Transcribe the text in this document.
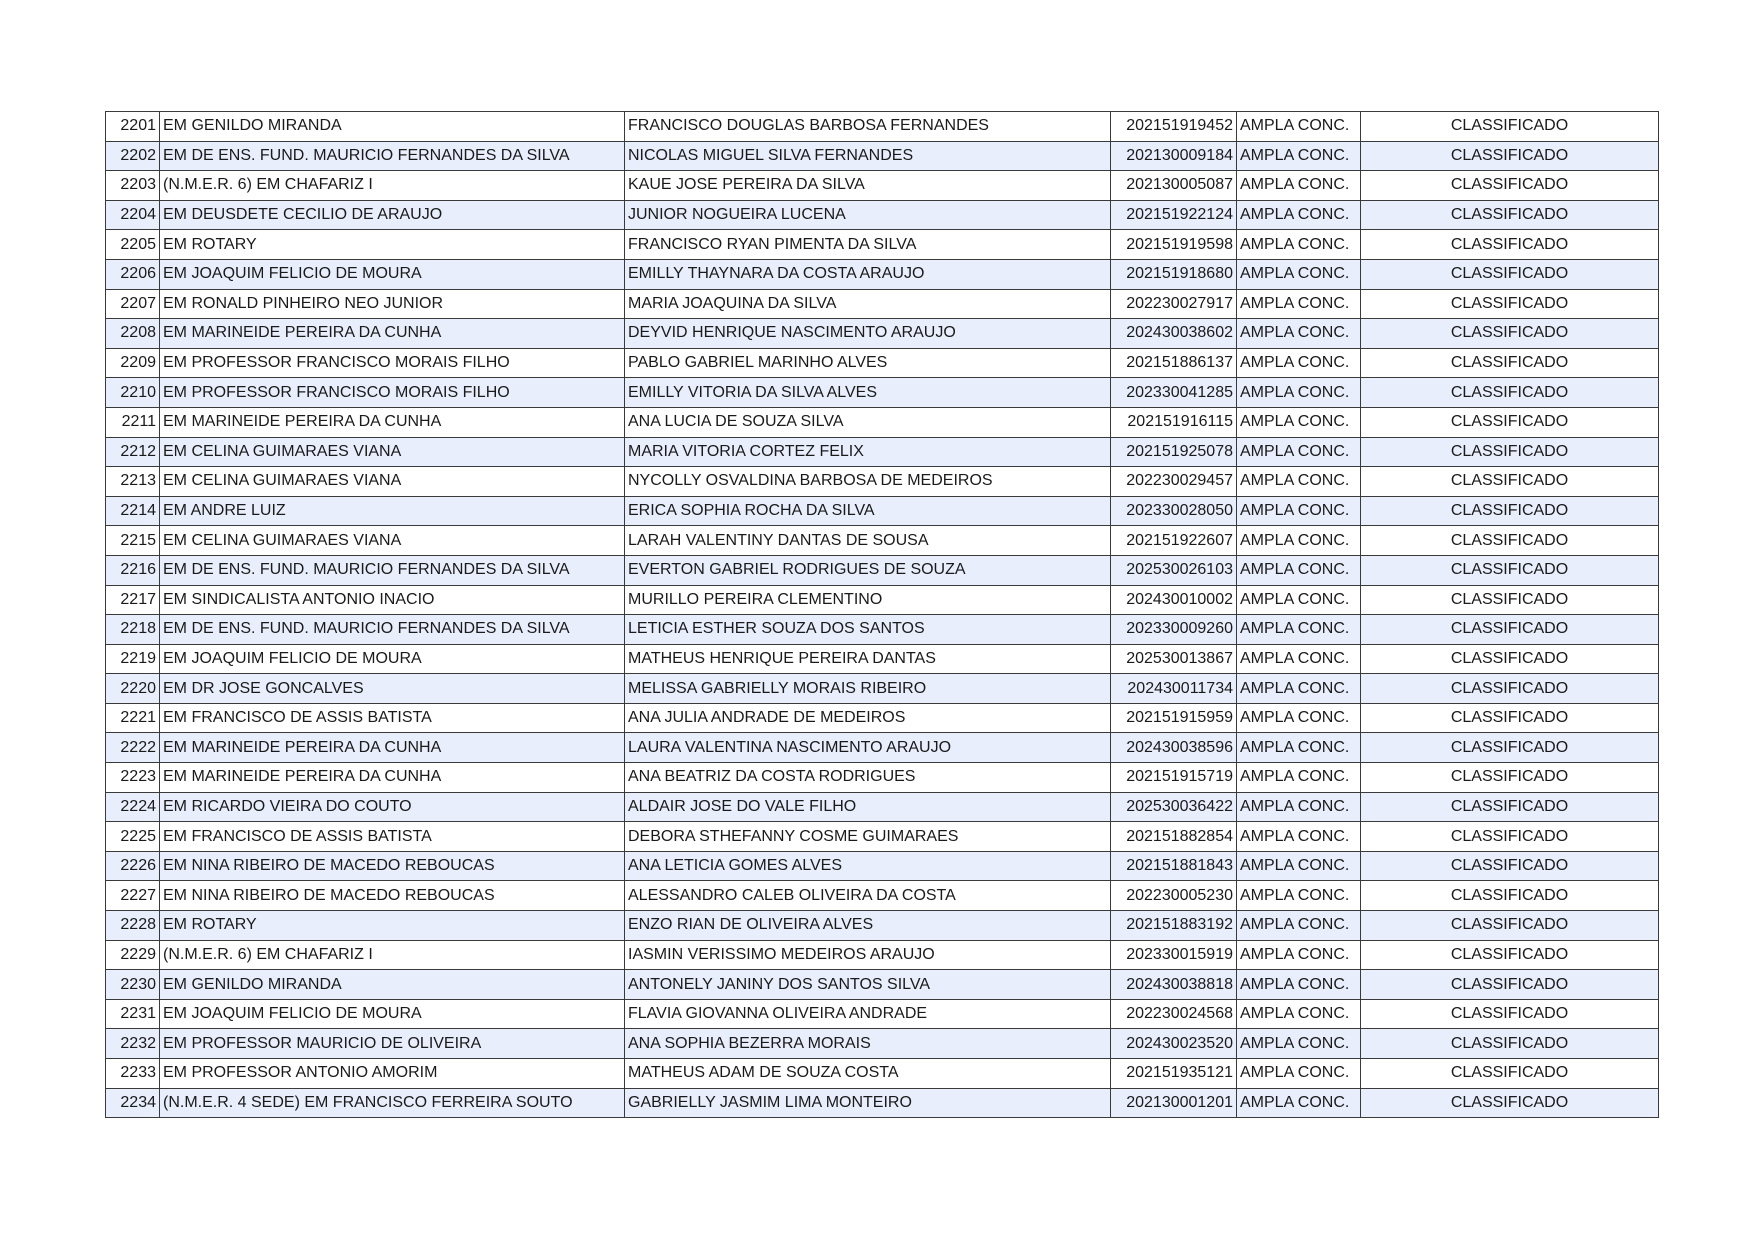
2201	EM GENILDO MIRANDA	FRANCISCO DOUGLAS BARBOSA FERNANDES	202151919452	AMPLA CONC.	CLASSIFICADO
2202	EM DE ENS. FUND. MAURICIO FERNANDES DA SILVA	NICOLAS MIGUEL SILVA FERNANDES	202130009184	AMPLA CONC.	CLASSIFICADO
2203	(N.M.E.R. 6) EM CHAFARIZ I	KAUE JOSE PEREIRA DA SILVA	202130005087	AMPLA CONC.	CLASSIFICADO
2204	EM DEUSDETE CECILIO DE ARAUJO	JUNIOR NOGUEIRA LUCENA	202151922124	AMPLA CONC.	CLASSIFICADO
2205	EM ROTARY	FRANCISCO RYAN PIMENTA DA SILVA	202151919598	AMPLA CONC.	CLASSIFICADO
2206	EM JOAQUIM FELICIO DE MOURA	EMILLY THAYNARA DA COSTA ARAUJO	202151918680	AMPLA CONC.	CLASSIFICADO
2207	EM RONALD PINHEIRO NEO JUNIOR	MARIA JOAQUINA DA SILVA	202230027917	AMPLA CONC.	CLASSIFICADO
2208	EM MARINEIDE PEREIRA DA CUNHA	DEYVID HENRIQUE NASCIMENTO ARAUJO	202430038602	AMPLA CONC.	CLASSIFICADO
2209	EM PROFESSOR FRANCISCO MORAIS FILHO	PABLO GABRIEL MARINHO ALVES	202151886137	AMPLA CONC.	CLASSIFICADO
2210	EM PROFESSOR FRANCISCO MORAIS FILHO	EMILLY VITORIA DA SILVA ALVES	202330041285	AMPLA CONC.	CLASSIFICADO
2211	EM MARINEIDE PEREIRA DA CUNHA	ANA LUCIA DE SOUZA SILVA	202151916115	AMPLA CONC.	CLASSIFICADO
2212	EM CELINA GUIMARAES VIANA	MARIA VITORIA CORTEZ FELIX	202151925078	AMPLA CONC.	CLASSIFICADO
2213	EM CELINA GUIMARAES VIANA	NYCOLLY OSVALDINA BARBOSA DE MEDEIROS	202230029457	AMPLA CONC.	CLASSIFICADO
2214	EM ANDRE LUIZ	ERICA SOPHIA ROCHA DA SILVA	202330028050	AMPLA CONC.	CLASSIFICADO
2215	EM CELINA GUIMARAES VIANA	LARAH VALENTINY DANTAS DE SOUSA	202151922607	AMPLA CONC.	CLASSIFICADO
2216	EM DE ENS. FUND. MAURICIO FERNANDES DA SILVA	EVERTON GABRIEL RODRIGUES DE SOUZA	202530026103	AMPLA CONC.	CLASSIFICADO
2217	EM SINDICALISTA ANTONIO INACIO	MURILLO PEREIRA CLEMENTINO	202430010002	AMPLA CONC.	CLASSIFICADO
2218	EM DE ENS. FUND. MAURICIO FERNANDES DA SILVA	LETICIA ESTHER SOUZA DOS SANTOS	202330009260	AMPLA CONC.	CLASSIFICADO
2219	EM JOAQUIM FELICIO DE MOURA	MATHEUS HENRIQUE PEREIRA DANTAS	202530013867	AMPLA CONC.	CLASSIFICADO
2220	EM DR JOSE GONCALVES	MELISSA GABRIELLY MORAIS RIBEIRO	202430011734	AMPLA CONC.	CLASSIFICADO
2221	EM FRANCISCO DE ASSIS BATISTA	ANA JULIA ANDRADE DE MEDEIROS	202151915959	AMPLA CONC.	CLASSIFICADO
2222	EM MARINEIDE PEREIRA DA CUNHA	LAURA VALENTINA NASCIMENTO ARAUJO	202430038596	AMPLA CONC.	CLASSIFICADO
2223	EM MARINEIDE PEREIRA DA CUNHA	ANA BEATRIZ DA COSTA RODRIGUES	202151915719	AMPLA CONC.	CLASSIFICADO
2224	EM RICARDO VIEIRA DO COUTO	ALDAIR JOSE DO VALE FILHO	202530036422	AMPLA CONC.	CLASSIFICADO
2225	EM FRANCISCO DE ASSIS BATISTA	DEBORA STHEFANNY COSME GUIMARAES	202151882854	AMPLA CONC.	CLASSIFICADO
2226	EM NINA RIBEIRO DE MACEDO REBOUCAS	ANA LETICIA GOMES ALVES	202151881843	AMPLA CONC.	CLASSIFICADO
2227	EM NINA RIBEIRO DE MACEDO REBOUCAS	ALESSANDRO CALEB OLIVEIRA DA COSTA	202230005230	AMPLA CONC.	CLASSIFICADO
2228	EM ROTARY	ENZO RIAN DE OLIVEIRA ALVES	202151883192	AMPLA CONC.	CLASSIFICADO
2229	(N.M.E.R. 6) EM CHAFARIZ I	IASMIN VERISSIMO MEDEIROS ARAUJO	202330015919	AMPLA CONC.	CLASSIFICADO
2230	EM GENILDO MIRANDA	ANTONELY JANINY DOS SANTOS SILVA	202430038818	AMPLA CONC.	CLASSIFICADO
2231	EM JOAQUIM FELICIO DE MOURA	FLAVIA GIOVANNA OLIVEIRA ANDRADE	202230024568	AMPLA CONC.	CLASSIFICADO
2232	EM PROFESSOR MAURICIO DE OLIVEIRA	ANA SOPHIA BEZERRA MORAIS	202430023520	AMPLA CONC.	CLASSIFICADO
2233	EM PROFESSOR ANTONIO AMORIM	MATHEUS ADAM DE SOUZA COSTA	202151935121	AMPLA CONC.	CLASSIFICADO
2234	(N.M.E.R. 4 SEDE) EM FRANCISCO FERREIRA SOUTO	GABRIELLY JASMIM LIMA MONTEIRO	202130001201	AMPLA CONC.	CLASSIFICADO
